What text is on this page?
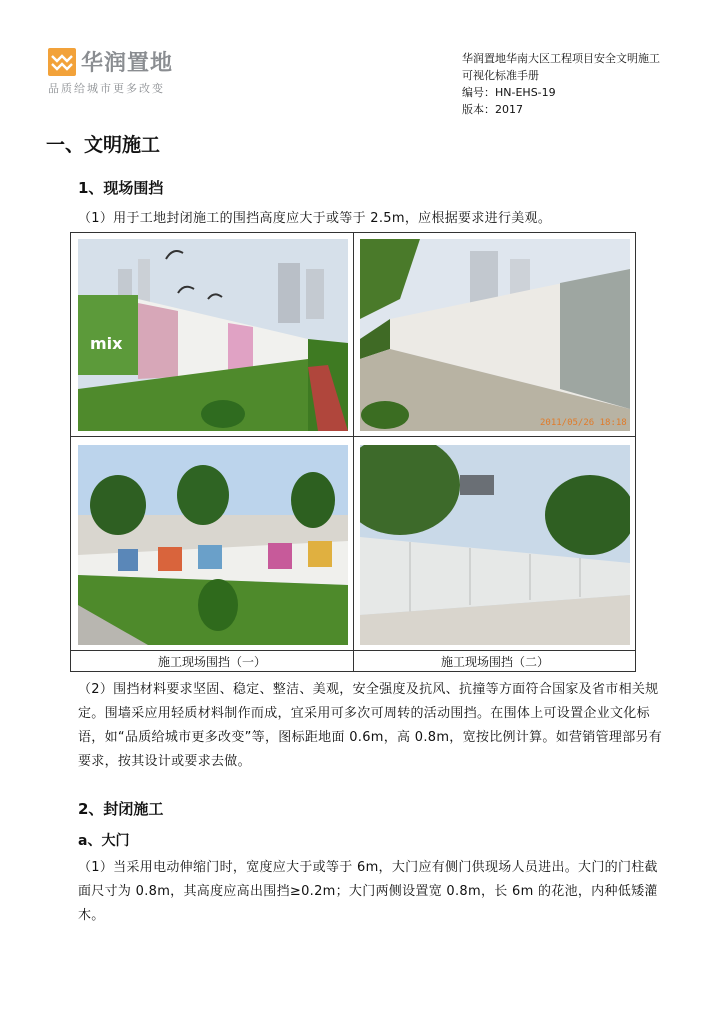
华润置地
品质给城市更多改变
华润置地华南大区工程项目安全文明施工
可视化标准手册
编号：HN-EHS-19
版本：2017
一、文明施工
1、现场围挡
（1）用于工地封闭施工的围挡高度应大于或等于 2.5m，应根据要求进行美观。
mix
2011/05/26 18:18
施工现场围挡（一）	施工现场围挡（二）
（2）围挡材料要求坚固、稳定、整洁、美观，安全强度及抗风、抗撞等方面符合国家及省市相关规定。围墙采应用轻质材料制作而成，宜采用可多次可周转的活动围挡。在围体上可设置企业文化标语，如“品质给城市更多改变”等，图标距地面 0.6m，高 0.8m，宽按比例计算。如营销管理部另有要求，按其设计或要求去做。
2、封闭施工
a、大门
（1）当采用电动伸缩门时，宽度应大于或等于 6m，大门应有侧门供现场人员进出。大门的门柱截面尺寸为 0.8m，其高度应高出围挡≥0.2m；大门两侧设置宽 0.8m，长 6m 的花池，内种低矮灌木。
